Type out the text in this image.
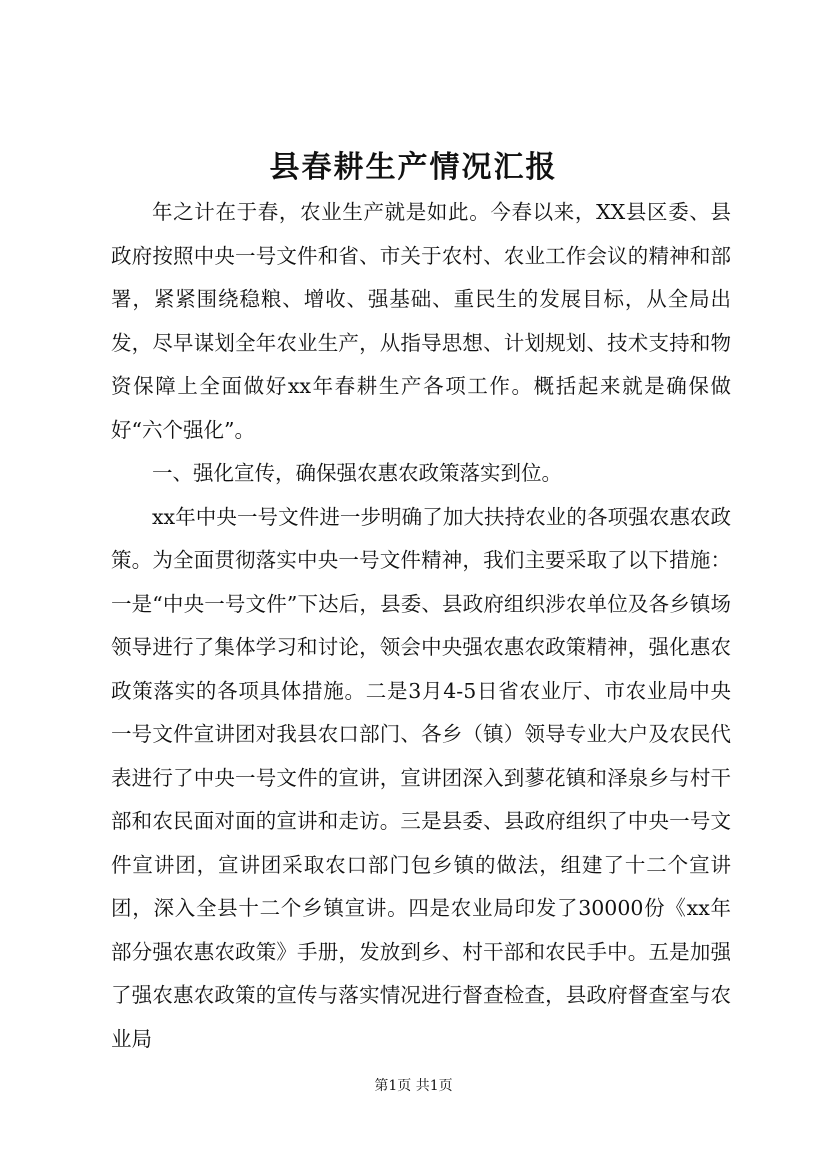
县春耕生产情况汇报

年之计在于春，农业生产就是如此。今春以来，XX县区委、县政府按照中央一号文件和省、市关于农村、农业工作会议的精神和部署，紧紧围绕稳粮、增收、强基础、重民生的发展目标，从全局出发，尽早谋划全年农业生产，从指导思想、计划规划、技术支持和物资保障上全面做好xx年春耕生产各项工作。概括起来就是确保做好“六个强化”。

一、强化宣传，确保强农惠农政策落实到位。

xx年中央一号文件进一步明确了加大扶持农业的各项强农惠农政策。为全面贯彻落实中央一号文件精神，我们主要采取了以下措施：一是“中央一号文件”下达后，县委、县政府组织涉农单位及各乡镇场领导进行了集体学习和讨论，领会中央强农惠农政策精神，强化惠农政策落实的各项具体措施。二是3月4-5日省农业厅、市农业局中央一号文件宣讲团对我县农口部门、各乡（镇）领导专业大户及农民代表进行了中央一号文件的宣讲，宣讲团深入到蓼花镇和泽泉乡与村干部和农民面对面的宣讲和走访。三是县委、县政府组织了中央一号文件宣讲团，宣讲团采取农口部门包乡镇的做法，组建了十二个宣讲团，深入全县十二个乡镇宣讲。四是农业局印发了30000份《xx年部分强农惠农政策》手册，发放到乡、村干部和农民手中。五是加强了强农惠农政策的宣传与落实情况进行督查检查，县政府督查室与农业局

第1页 共1页
